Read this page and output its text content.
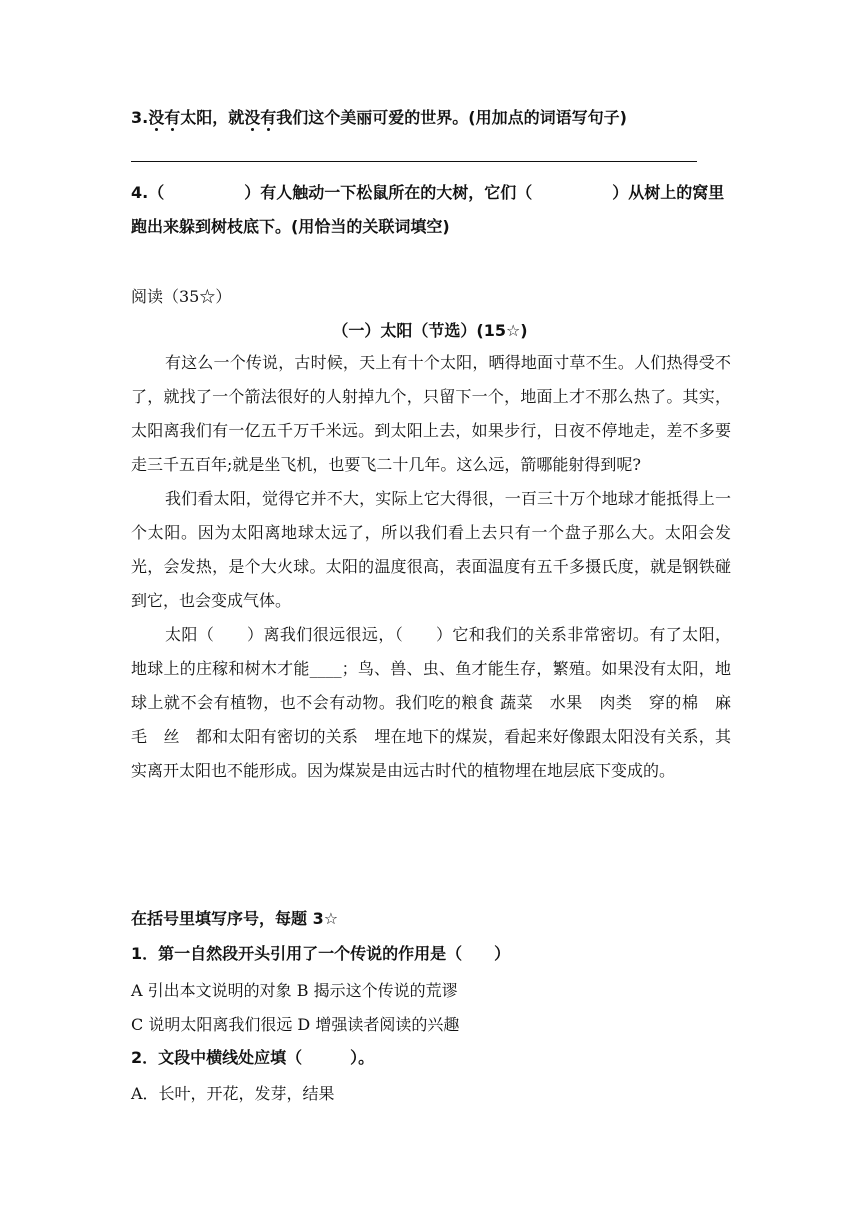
3.没有太阳，就没有我们这个美丽可爱的世界。(用加点的词语写句子)
4.（　　　　　）有人触动一下松鼠所在的大树，它们（　　　　　）从树上的窝里跑出来躲到树枝底下。(用恰当的关联词填空)
阅读（35☆）
（一）太阳（节选）(15☆)

有这么一个传说，古时候，天上有十个太阳，晒得地面寸草不生。人们热得受不了，就找了一个箭法很好的人射掉九个，只留下一个，地面上才不那么热了。其实，太阳离我们有一亿五千万千米远。到太阳上去，如果步行，日夜不停地走，差不多要走三千五百年;就是坐飞机，也要飞二十几年。这么远，箭哪能射得到呢?

我们看太阳，觉得它并不大，实际上它大得很，一百三十万个地球才能抵得上一个太阳。因为太阳离地球太远了，所以我们看上去只有一个盘子那么大。太阳会发光，会发热，是个大火球。太阳的温度很高，表面温度有五千多摄氏度，就是钢铁碰到它，也会变成气体。

太阳（　　）离我们很远很远，（　　）它和我们的关系非常密切。有了太阳，地球上的庄稼和树木才能____；鸟、兽、虫、鱼才能生存，繁殖。如果没有太阳，地球上就不会有植物，也不会有动物。我们吃的粮食 蔬菜　水果　肉类　穿的棉　麻　毛　丝　都和太阳有密切的关系　埋在地下的煤炭，看起来好像跟太阳没有关系，其实离开太阳也不能形成。因为煤炭是由远古时代的植物埋在地层底下变成的。

在括号里填写序号，每题 3☆
1．第一自然段开头引用了一个传说的作用是（　　）
A 引出本文说明的对象 B 揭示这个传说的荒谬
C 说明太阳离我们很远 D 增强读者阅读的兴趣
2．文段中横线处应填（　　　）。
A．长叶，开花，发芽，结果
